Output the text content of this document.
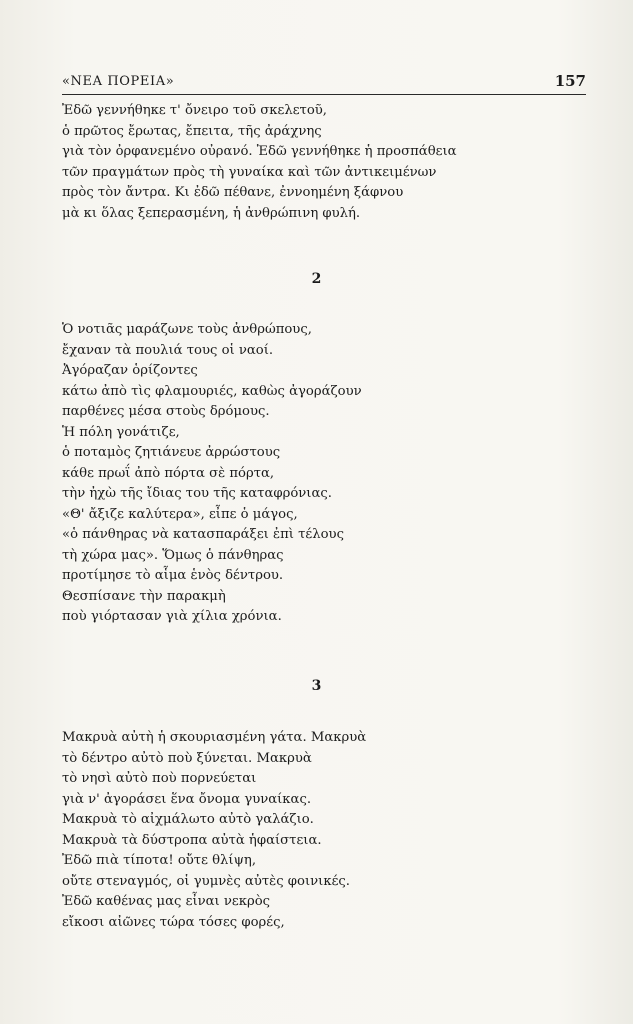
«ΝΕΑ ΠΟΡΕΙΑ»	157
Ἐδῶ γεννήθηκε τ' ὄνειρο τοῦ σκελετοῦ,
ὁ πρῶτος ἔρωτας, ἔπειτα, τῆς ἀράχνης
γιὰ τὸν ὀρφανεμένο οὐρανό. Ἐδῶ γεννήθηκε ἡ προσπάθεια
τῶν πραγμάτων πρὸς τὴ γυναίκα καὶ τῶν ἀντικειμένων
πρὸς τὸν ἄντρα. Κι ἐδῶ πέθανε, ἐννοημένη ξάφνου
μὰ κι ὅλας ξεπερασμένη, ἡ ἀνθρώπινη φυλή.
2
Ὁ νοτιᾶς μαράζωνε τοὺς ἀνθρώπους,
ἔχαναν τὰ πουλιά τους οἱ ναοί.
Ἀγόραζαν ὁρίζοντες
κάτω ἀπὸ τὶς φλαμουριές, καθὼς ἀγοράζουν
παρθένες μέσα στοὺς δρόμους.
Ἡ πόλη γονάτιζε,
ὁ ποταμὸς ζητιάνευε ἀρρώστους
κάθε πρωΐ ἀπὸ πόρτα σὲ πόρτα,
τὴν ἠχὼ τῆς ἴδιας του τῆς καταφρόνιας.
«Θ' ἄξιζε καλύτερα», εἶπε ὁ μάγος,
«ὁ πάνθηρας νὰ κατασπαράξει ἐπὶ τέλους
τὴ χώρα μας». Ὅμως ὁ πάνθηρας
προτίμησε τὸ αἷμα ἑνὸς δέντρου.
Θεσπίσανε τὴν παρακμὴ
ποὺ γιόρτασαν γιὰ χίλια χρόνια.
3
Μακρυὰ αὐτὴ ἡ σκουριασμένη γάτα. Μακρυὰ
τὸ δέντρο αὐτὸ ποὺ ξύνεται. Μακρυὰ
τὸ νησὶ αὐτὸ ποὺ πορνεύεται
γιὰ ν' ἀγοράσει ἕνα ὄνομα γυναίκας.
Μακρυὰ τὸ αἰχμάλωτο αὐτὸ γαλάζιο.
Μακρυὰ τὰ δύστροπα αὐτὰ ἡφαίστεια.
Ἐδῶ πιὰ τίποτα! οὔτε θλίψη,
οὔτε στεναγμός, οἱ γυμνὲς αὐτὲς φοινικές.
Ἐδῶ καθένας μας εἶναι νεκρὸς
εἴκοσι αἰῶνες τώρα τόσες φορές,
